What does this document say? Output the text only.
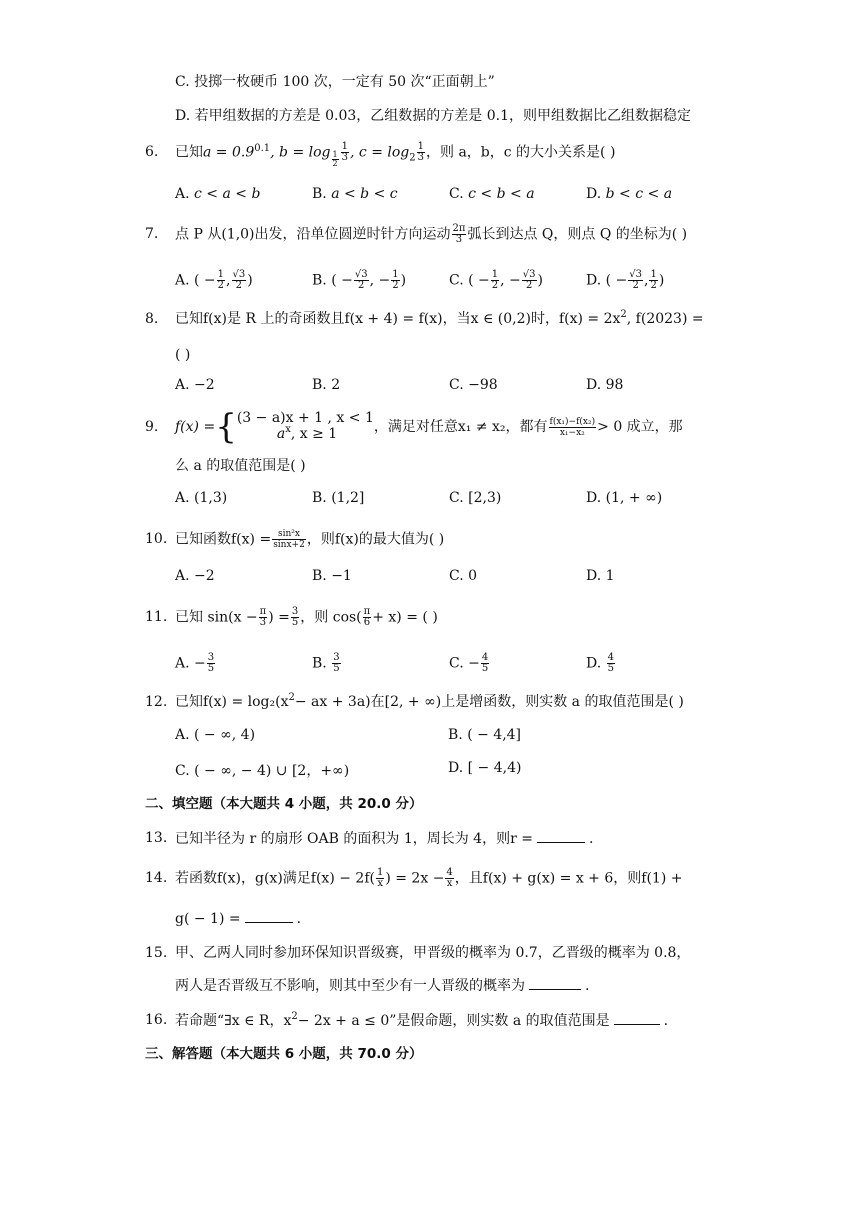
C. 投掷一枚硬币 100 次，一定有 50 次“正面朝上”
D. 若甲组数据的方差是 0.03，乙组数据的方差是 0.1，则甲组数据比乙组数据稳定
6.	已知$a = 0.9^{0.1}$, $b = \log _{\frac{1}{2}} \frac{1}{3}$ , $c = \log_2 \frac{1}{3}$ ，则 a，b，c 的大小关系是( )
A. c < a < b	B. a < b < c	C. c < b < a	D. b < c < a
7.	点 P 从(1,0)出发，沿单位圆逆时针方向运动 $\frac{2\pi}{3}$ 弧长到达点 Q，则点 Q 的坐标为( )
A. ( − $\frac{1}{2}$ , $\frac{√3}{2}$ )	B. ( − $\frac{√3}{2}$ , − $\frac{1}{2}$ )	C. ( − $\frac{1}{2}$ , − $\frac{√3}{2}$ )	D. ( − $\frac{√3}{2}$ , $\frac{1}{2}$ )
8.	已知f(x)是 R 上的奇函数且f(x + 4) = f(x)，当x ∈ (0,2)时，$f(x) = 2x^2$, f(2023) =
( )
A. −2	B. 2	C. −98	D. 98
9.	f(x) ={ (3 − a)x + 1 , x < 1
$a^x$, x ≥ 1	，满足对任意x₁ ≠ x₂，都有 $\frac{\text{f(x₁)−f(x₂)}}{\text{x₁−x₂}} > 0$ 成立，那
么 a 的取值范围是( )
A. (1,3)	B. (1,2]	C. [2,3)	D. (1, + ∞)
10. 已知函数$f(x) = \frac{\text{sin²x}}{\sin x+2}$ ，则f(x)的最大值为( )
A. −2	B. −1	C. 0	D. 1
11. 已知 $\sin(x - \frac{\pi}{3}$ ) = $\frac{3}{5}$ ，则 $\cos( \frac{\pi}{6} + x)$ = ( )
A. − $\frac{3}{5}$	B. $\frac{3}{5}$	C. − $\frac{4}{5}$	D. $\frac{4}{5}$
12. 已知$f(x) = \log_2(x^2-$ ax + 3a)在[2, + ∞)上是增函数，则实数 a 的取值范围是( )
A. ( − ∞, 4)	B. ( − 4,4]
C. ( − ∞, − 4) ∪ [2，+∞)	D. [ − 4,4)
二、填空题（本大题共 4 小题，共 20.0 分）
13. 已知半径为 r 的扇形 OAB 的面积为 1，周长为 4，则r =	.
14. 若函数f(x)，g(x)满足$f(x) - 2f( \frac{1}{x}$ ) = $2x - \frac{4}{x}$ ，且f(x) + g(x) = x + 6，则f(1) +
g( − 1) =	.
15. 甲、乙两人同时参加环保知识晋级赛，甲晋级的概率为 0.7，乙晋级的概率为 0.8，
两人是否晋级互不影响，则其中至少有一人晋级的概率为	.
16. 若命题“∃x ∈ R，$x^2- 2x + a \le 0$”是假命题，则实数 a 的取值范围是	.
三、解答题（本大题共 6 小题，共 70.0 分）
